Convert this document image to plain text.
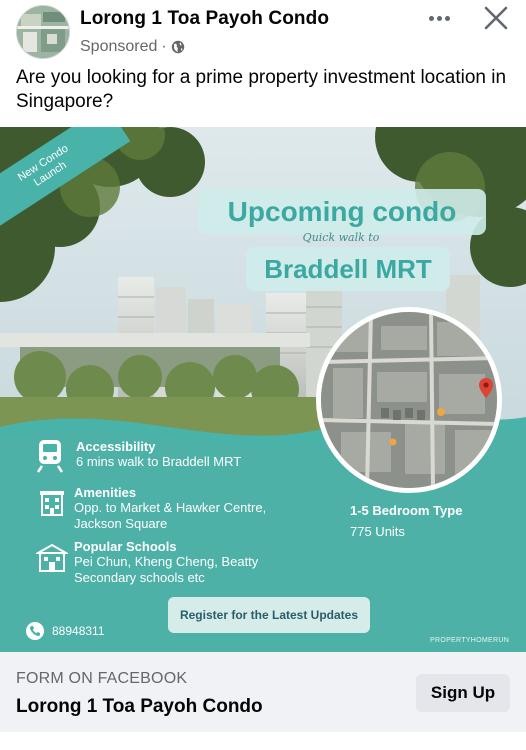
Lorong 1 Toa Payoh Condo
Sponsored ·
Are you looking for a prime property investment location in Singapore?
New Condo Launch
Upcoming condo
Braddell MRT
Quick walk to
Accessibility
6 mins walk to Braddell MRT
Amenities
Opp. to Market & Hawker Centre, Jackson Square
Popular Schools
Pei Chun, Kheng Cheng, Beatty Secondary schools etc
1-5 Bedroom Type
775 Units
Register for the Latest Updates
88948311
PROPERTYHOMERUN
FORM ON FACEBOOK
Lorong 1 Toa Payoh Condo
Sign Up
